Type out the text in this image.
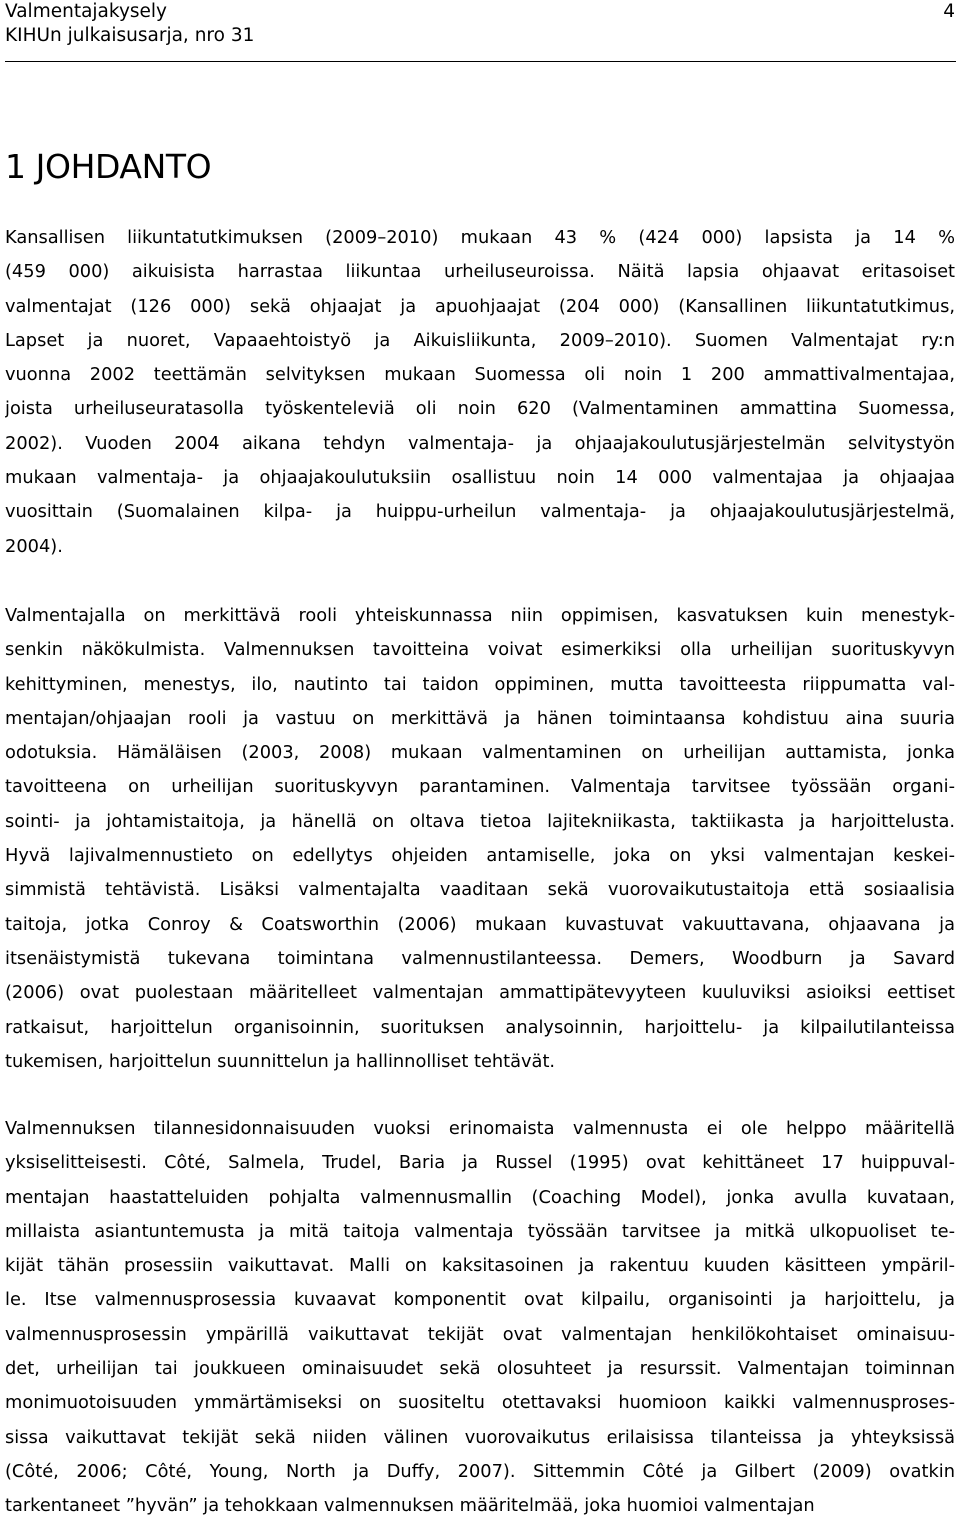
Valmentajakysely
KIHUn julkaisusarja, nro 31
4
1 JOHDANTO
Kansallisen liikuntatutkimuksen (2009–2010) mukaan 43 % (424 000) lapsista ja 14 %
(459 000) aikuisista harrastaa liikuntaa urheiluseuroissa. Näitä lapsia ohjaavat eritasoiset
valmentajat (126 000) sekä ohjaajat ja apuohjaajat (204 000) (Kansallinen liikuntatutkimus,
Lapset ja nuoret, Vapaaehtoistyö ja Aikuisliikunta, 2009–2010). Suomen Valmentajat ry:n
vuonna 2002 teettämän selvityksen mukaan Suomessa oli noin 1 200 ammattivalmentajaa,
joista urheiluseuratasolla työskenteleviä oli noin 620 (Valmentaminen ammattina Suomessa,
2002). Vuoden 2004 aikana tehdyn valmentaja- ja ohjaajakoulutusjärjestelmän selvitystyön
mukaan valmentaja- ja ohjaajakoulutuksiin osallistuu noin 14 000 valmentajaa ja ohjaajaa
vuosittain (Suomalainen kilpa- ja huippu-urheilun valmentaja- ja ohjaajakoulutusjärjestelmä,
2004).
Valmentajalla on merkittävä rooli yhteiskunnassa niin oppimisen, kasvatuksen kuin menestyk-
senkin näkökulmista. Valmennuksen tavoitteina voivat esimerkiksi olla urheilijan suorituskyvyn
kehittyminen, menestys, ilo, nautinto tai taidon oppiminen, mutta tavoitteesta riippumatta val-
mentajan/ohjaajan rooli ja vastuu on merkittävä ja hänen toimintaansa kohdistuu aina suuria
odotuksia. Hämäläisen (2003, 2008) mukaan valmentaminen on urheilijan auttamista, jonka
tavoitteena on urheilijan suorituskyvyn parantaminen. Valmentaja tarvitsee työssään organi-
sointi- ja johtamistaitoja, ja hänellä on oltava tietoa lajitekniikasta, taktiikasta ja harjoittelusta.
Hyvä lajivalmennustieto on edellytys ohjeiden antamiselle, joka on yksi valmentajan keskei-
simmistä tehtävistä. Lisäksi valmentajalta vaaditaan sekä vuorovaikutustaitoja että sosiaalisia
taitoja, jotka Conroy & Coatsworthin (2006) mukaan kuvastuvat vakuuttavana, ohjaavana ja
itsenäistymistä tukevana toimintana valmennustilanteessa. Demers, Woodburn ja Savard
(2006) ovat puolestaan määritelleet valmentajan ammattipätevyyteen kuuluviksi asioiksi eettiset
ratkaisut, harjoittelun organisoinnin, suorituksen analysoinnin, harjoittelu- ja kilpailutilanteissa
tukemisen, harjoittelun suunnittelun ja hallinnolliset tehtävät.
Valmennuksen tilannesidonnaisuuden vuoksi erinomaista valmennusta ei ole helppo määritellä
yksiselitteisesti. Côté, Salmela, Trudel, Baria ja Russel (1995) ovat kehittäneet 17 huippuval-
mentajan haastatteluiden pohjalta valmennusmallin (Coaching Model), jonka avulla kuvataan,
millaista asiantuntemusta ja mitä taitoja valmentaja työssään tarvitsee ja mitkä ulkopuoliset te-
kijät tähän prosessiin vaikuttavat. Malli on kaksitasoinen ja rakentuu kuuden käsitteen ympäril-
le. Itse valmennusprosessia kuvaavat komponentit ovat kilpailu, organisointi ja harjoittelu, ja
valmennusprosessin ympärillä vaikuttavat tekijät ovat valmentajan henkilökohtaiset ominaisuu-
det, urheilijan tai joukkueen ominaisuudet sekä olosuhteet ja resurssit. Valmentajan toiminnan
monimuotoisuuden ymmärtämiseksi on suositeltu otettavaksi huomioon kaikki valmennusproses-
sissa vaikuttavat tekijät sekä niiden välinen vuorovaikutus erilaisissa tilanteissa ja yhteyksissä
(Côté, 2006; Côté, Young, North ja Duffy, 2007). Sittemmin Côté ja Gilbert (2009) ovatkin
tarkentaneet ”hyvän” ja tehokkaan valmennuksen määritelmää, joka huomioi valmentajan
